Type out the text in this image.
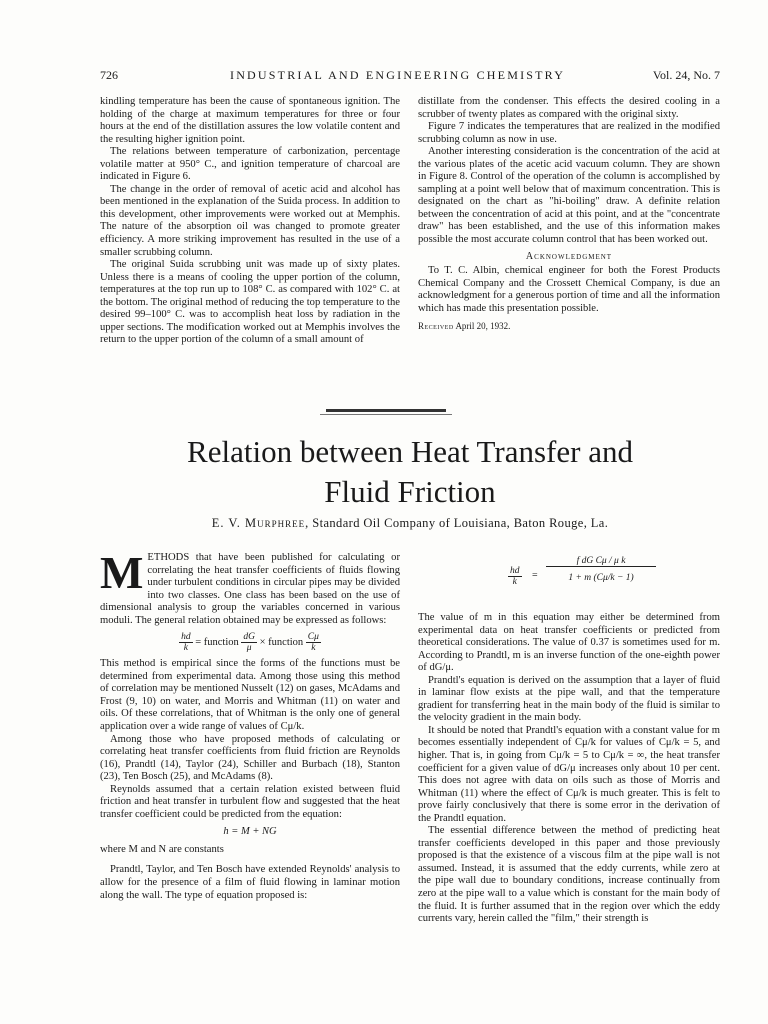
726	INDUSTRIAL AND ENGINEERING CHEMISTRY	Vol. 24, No. 7

kindling temperature has been the cause of spontaneous ignition. The holding of the charge at maximum temperatures for three or four hours at the end of the distillation assures the low volatile content and the resulting higher ignition point.

The relations between temperature of carbonization, percentage volatile matter at 950° C., and ignition temperature of charcoal are indicated in Figure 6.

The change in the order of removal of acetic acid and alcohol has been mentioned in the explanation of the Suida process. In addition to this development, other improvements were worked out at Memphis. The nature of the absorption oil was changed to promote greater efficiency. A more striking improvement has resulted in the use of a smaller scrubbing column.

The original Suida scrubbing unit was made up of sixty plates. Unless there is a means of cooling the upper portion of the column, temperatures at the top run up to 108° C. as compared with 102° C. at the bottom. The original method of reducing the top temperature to the desired 99–100° C. was to accomplish heat loss by radiation in the upper sections. The modification worked out at Memphis involves the return to the upper portion of the column of a small amount of

distillate from the condenser. This effects the desired cooling in a scrubber of twenty plates as compared with the original sixty.

Figure 7 indicates the temperatures that are realized in the modified scrubbing column as now in use.

Another interesting consideration is the concentration of the acid at the various plates of the acetic acid vacuum column. They are shown in Figure 8. Control of the operation of the column is accomplished by sampling at a point well below that of maximum concentration. This is designated on the chart as "hi-boiling" draw. A definite relation between the concentration of acid at this point, and at the "concentrate draw" has been established, and the use of this information makes possible the most accurate column control that has been worked out.

Acknowledgment

To T. C. Albin, chemical engineer for both the Forest Products Chemical Company and the Crossett Chemical Company, is due an acknowledgment for a generous portion of time and all the information which has made this presentation possible.

Received April 20, 1932.
Relation between Heat Transfer and
Fluid Friction
E. V. Murphree, Standard Oil Company of Louisiana, Baton Rouge, La.

METHODS that have been published for calculating or correlating the heat transfer coefficients of fluids flowing under turbulent conditions in circular pipes may be divided into two classes. One class has been based on the use of dimensional analysis to group the variables concerned in various moduli. The general relation obtained may be expressed as follows:

$\frac{hd}{k}$ = function $\frac{dG}{\mu}$ × function $\frac{C\mu}{k}$

This method is empirical since the forms of the functions must be determined from experimental data. Among those using this method of correlation may be mentioned Nusselt (12) on gases, McAdams and Frost (9, 10) on water, and Morris and Whitman (11) on water and oils. Of these correlations, that of Whitman is the only one of general application over a wide range of values of Cμ/k.

Among those who have proposed methods of calculating or correlating heat transfer coefficients from fluid friction are Reynolds (16), Prandtl (14), Taylor (24), Schiller and Burbach (18), Stanton (23), Ten Bosch (25), and McAdams (8).

Reynolds assumed that a certain relation existed between fluid friction and heat transfer in turbulent flow and suggested that the heat transfer coefficient could be predicted from the equation:

h = M + NG

where M and N are constants

Prandtl, Taylor, and Ten Bosch have extended Reynolds' analysis to allow for the presence of a film of fluid flowing in laminar motion along the wall. The type of equation proposed is:

$\frac{hd}{k} = \frac{\text{f dG Cμ / μ k}}{1 + m (C\mu/k - 1)}$

The value of m in this equation may either be determined from experimental data on heat transfer coefficients or predicted from theoretical considerations. The value of 0.37 is sometimes used for m. According to Prandtl, m is an inverse function of the one-eighth power of dG/μ.

Prandtl's equation is derived on the assumption that a layer of fluid in laminar flow exists at the pipe wall, and that the temperature gradient for transferring heat in the main body of the fluid is similar to the velocity gradient in the main body.

It should be noted that Prandtl's equation with a constant value for m becomes essentially independent of Cμ/k for values of Cμ/k = 5, and higher. That is, in going from Cμ/k = 5 to Cμ/k = ∞, the heat transfer coefficient for a given value of dG/μ increases only about 10 per cent. This does not agree with data on oils such as those of Morris and Whitman (11) where the effect of Cμ/k is much greater. This is felt to prove fairly conclusively that there is some error in the derivation of the Prandtl equation.

The essential difference between the method of predicting heat transfer coefficients developed in this paper and those previously proposed is that the existence of a viscous film at the pipe wall is not assumed. Instead, it is assumed that the eddy currents, while zero at the pipe wall due to boundary conditions, increase continually from zero at the pipe wall to a value which is constant for the main body of the fluid. It is further assumed that in the region over which the eddy currents vary, herein called the "film," their strength is
